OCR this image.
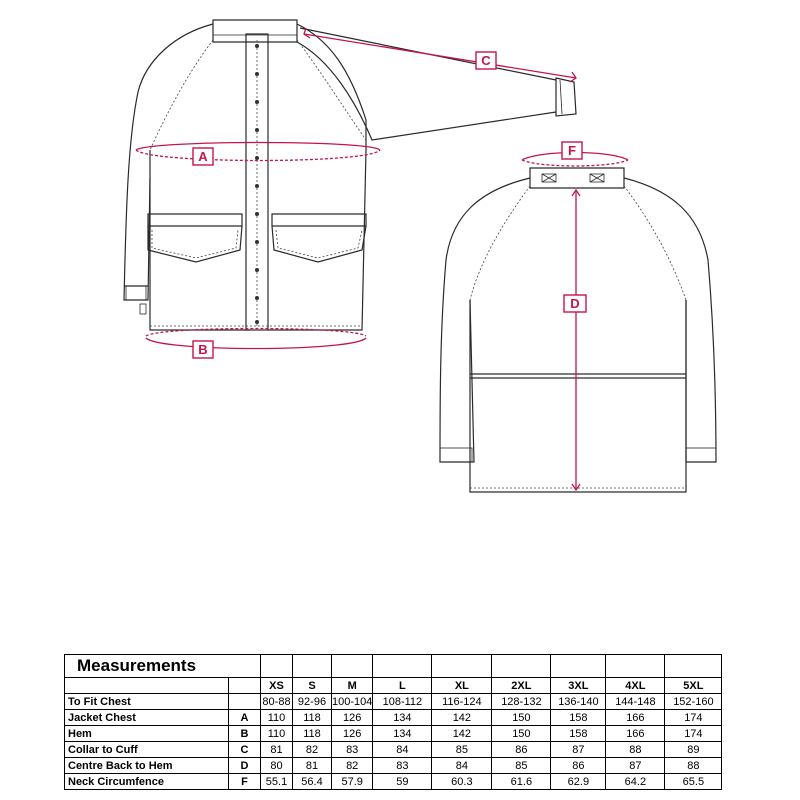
A
B
C
F
D
Measurements										
		XS	S	M	L	XL	2XL	3XL	4XL	5XL
To Fit Chest		80-88	92-96	100-104	108-112	116-124	128-132	136-140	144-148	152-160
Jacket Chest	A	110	118	126	134	142	150	158	166	174
Hem	B	110	118	126	134	142	150	158	166	174
Collar to Cuff	C	81	82	83	84	85	86	87	88	89
Centre Back to Hem	D	80	81	82	83	84	85	86	87	88
Neck Circumfence	F	55.1	56.4	57.9	59	60.3	61.6	62.9	64.2	65.5
